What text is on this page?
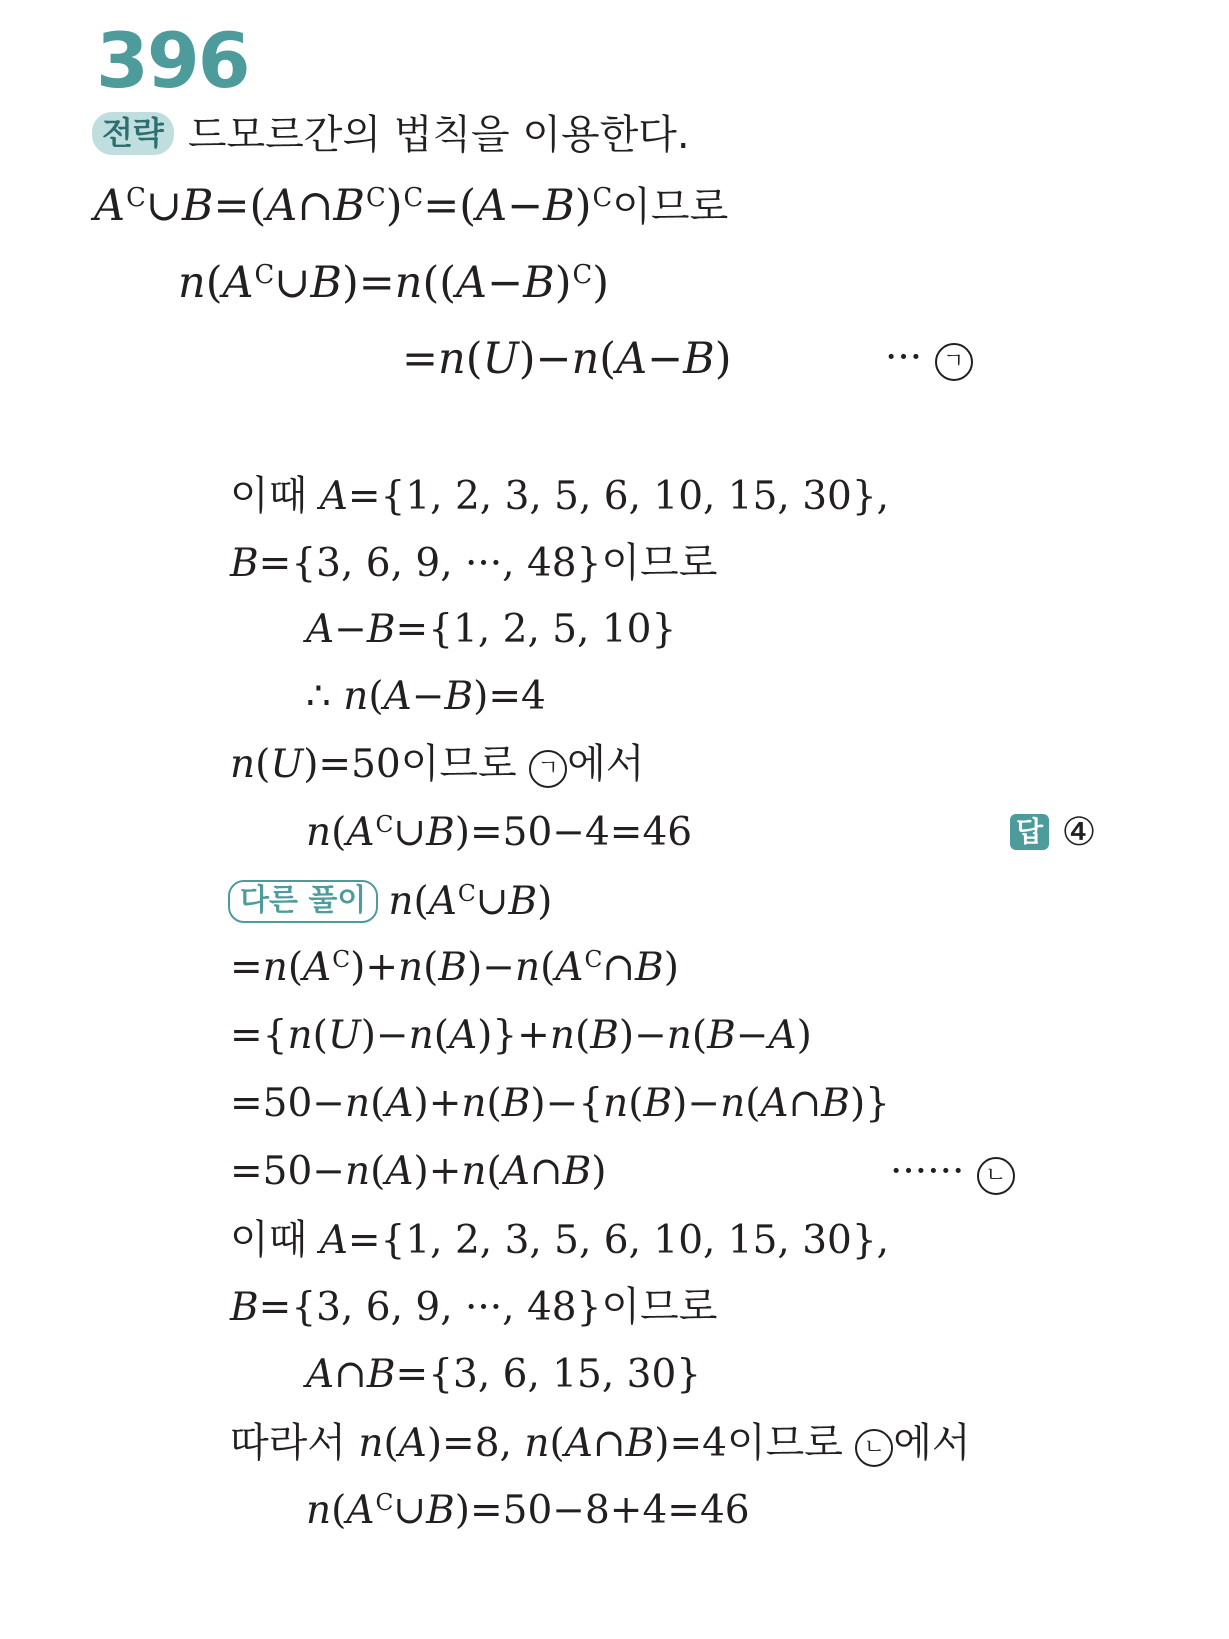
396
전략 드모르간의 법칙을 이용한다.
$A^C\cup B=(A\cap B^C)^C=(A-B)^C$이므로
$n(A^C\cup B)=n((A-B)^C)$
=n(U)−n(A−B)	··· ㄱ
이때 A={1, 2, 3, 5, 6, 10, 15, 30},
B={3, 6, 9, ···, 48}이므로
A−B={1, 2, 5, 10}
∴ n(A−B)=4
n(U)=50이므로 ㄱ 에서
$n(A^C\cup B)=50-4=46$	답 ④
다른 풀이 $n(A^C\cup B)$
$=n(A^C)+n(B)-n(A^C\cap B)$
={n(U)−n(A)}+n(B)−n(B−A)
=50−n(A)+n(B)−{n(B)−n(A∩B)}
=50−n(A)+n(A∩B)	······ ㄴ
이때 A={1, 2, 3, 5, 6, 10, 15, 30},
B={3, 6, 9, ···, 48}이므로
A∩B={3, 6, 15, 30}
따라서 n(A)=8, n(A∩B)=4이므로 ㄴ 에서
$n(A^C\cup B)=50-8+4=46$
